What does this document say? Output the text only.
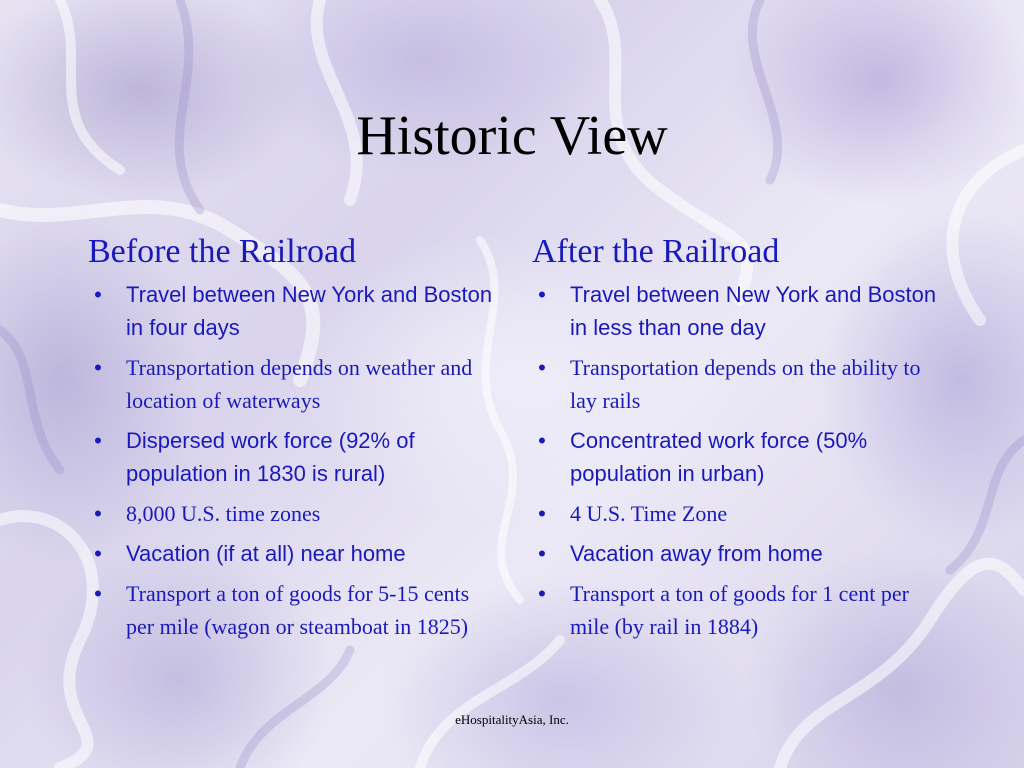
Historic View
Before the Railroad
• Travel between New York and Boston in four days
• Transportation depends on weather and location of waterways
• Dispersed work force (92% of population in 1830 is rural)
• 8,000 U.S. time zones
• Vacation (if at all) near home
• Transport a ton of goods for 5-15 cents per mile (wagon or steamboat in 1825)
After the Railroad
• Travel between New York and Boston in less than one day
• Transportation depends on the ability to lay rails
• Concentrated work force (50% population in urban)
• 4 U.S. Time Zone
• Vacation away from home
• Transport a ton of goods for 1 cent per mile (by rail in 1884)
eHospitalityAsia, Inc.
